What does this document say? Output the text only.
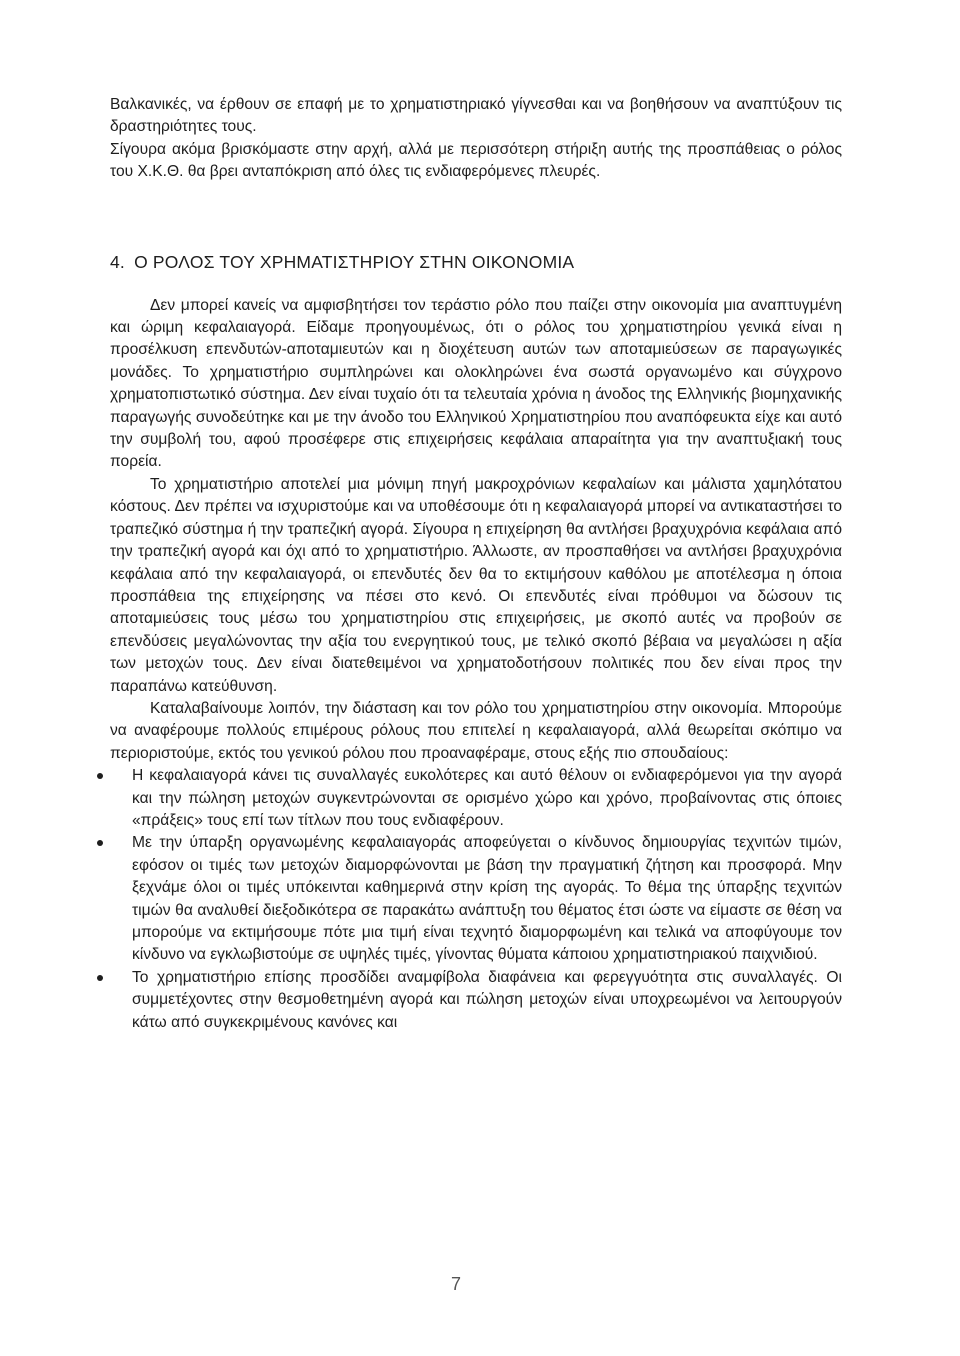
Βαλκανικές, να έρθουν σε επαφή με το χρηματιστηριακό γίγνεσθαι και να βοηθήσουν να αναπτύξουν τις δραστηριότητες τους.

Σίγουρα ακόμα βρισκόμαστε στην αρχή, αλλά με περισσότερη στήριξη αυτής της προσπάθειας ο ρόλος του Χ.Κ.Θ. θα βρει ανταπόκριση από όλες τις ενδιαφερόμενες πλευρές.

4. Ο ΡΟΛΟΣ ΤΟΥ ΧΡΗΜΑΤΙΣΤΗΡΙΟΥ ΣΤΗΝ ΟΙΚΟΝΟΜΙΑ

Δεν μπορεί κανείς να αμφισβητήσει τον τεράστιο ρόλο που παίζει στην οικονομία μια αναπτυγμένη και ώριμη κεφαλαιαγορά. Είδαμε προηγουμένως, ότι ο ρόλος του χρηματιστηρίου γενικά είναι η προσέλκυση επενδυτών-αποταμιευτών και η διοχέτευση αυτών των αποταμιεύσεων σε παραγωγικές μονάδες. Το χρηματιστήριο συμπληρώνει και ολοκληρώνει ένα σωστά οργανωμένο και σύγχρονο χρηματοπιστωτικό σύστημα. Δεν είναι τυχαίο ότι τα τελευταία χρόνια η άνοδος της Ελληνικής βιομηχανικής παραγωγής συνοδεύτηκε και με την άνοδο του Ελληνικού Χρηματιστηρίου που αναπόφευκτα είχε και αυτό την συμβολή του, αφού προσέφερε στις επιχειρήσεις κεφάλαια απαραίτητα για την αναπτυξιακή τους πορεία.

Το χρηματιστήριο αποτελεί μια μόνιμη πηγή μακροχρόνιων κεφαλαίων και μάλιστα χαμηλότατου κόστους. Δεν πρέπει να ισχυριστούμε και να υποθέσουμε ότι η κεφαλαιαγορά μπορεί να αντικαταστήσει το τραπεζικό σύστημα ή την τραπεζική αγορά. Σίγουρα η επιχείρηση θα αντλήσει βραχυχρόνια κεφάλαια από την τραπεζική αγορά και όχι από το χρηματιστήριο. Άλλωστε, αν προσπαθήσει να αντλήσει βραχυχρόνια κεφάλαια από την κεφαλαιαγορά, οι επενδυτές δεν θα το εκτιμήσουν καθόλου με αποτέλεσμα η όποια προσπάθεια της επιχείρησης να πέσει στο κενό. Οι επενδυτές είναι πρόθυμοι να δώσουν τις αποταμιεύσεις τους μέσω του χρηματιστηρίου στις επιχειρήσεις, με σκοπό αυτές να προβούν σε επενδύσεις μεγαλώνοντας την αξία του ενεργητικού τους, με τελικό σκοπό βέβαια να μεγαλώσει η αξία των μετοχών τους. Δεν είναι διατεθειμένοι να χρηματοδοτήσουν πολιτικές που δεν είναι προς την παραπάνω κατεύθυνση.

Καταλαβαίνουμε λοιπόν, την διάσταση και τον ρόλο του χρηματιστηρίου στην οικονομία. Μπορούμε να αναφέρουμε πολλούς επιμέρους ρόλους που επιτελεί η κεφαλαιαγορά, αλλά θεωρείται σκόπιμο να περιοριστούμε, εκτός του γενικού ρόλου που προαναφέραμε, στους εξής πιο σπουδαίους:

Η κεφαλαιαγορά κάνει τις συναλλαγές ευκολότερες και αυτό θέλουν οι ενδιαφερόμενοι για την αγορά και την πώληση μετοχών συγκεντρώνονται σε ορισμένο χώρο και χρόνο, προβαίνοντας στις όποιες «πράξεις» τους επί των τίτλων που τους ενδιαφέρουν.
Με την ύπαρξη οργανωμένης κεφαλαιαγοράς αποφεύγεται ο κίνδυνος δημιουργίας τεχνιτών τιμών, εφόσον οι τιμές των μετοχών διαμορφώνονται με βάση την πραγματική ζήτηση και προσφορά. Μην ξεχνάμε όλοι οι τιμές υπόκεινται καθημερινά στην κρίση της αγοράς. Το θέμα της ύπαρξης τεχνιτών τιμών θα αναλυθεί διεξοδικότερα σε παρακάτω ανάπτυξη του θέματος έτσι ώστε να είμαστε σε θέση να μπορούμε να εκτιμήσουμε πότε μια τιμή είναι τεχνητό διαμορφωμένη και τελικά να αποφύγουμε τον κίνδυνο να εγκλωβιστούμε σε υψηλές τιμές, γίνοντας θύματα κάποιου χρηματιστηριακού παιχνιδιού.
Το χρηματιστήριο επίσης προσδίδει αναμφίβολα διαφάνεια και φερεγγυότητα στις συναλλαγές. Οι συμμετέχοντες στην θεσμοθετημένη αγορά και πώληση μετοχών είναι υποχρεωμένοι να λειτουργούν κάτω από συγκεκριμένους κανόνες και
7
